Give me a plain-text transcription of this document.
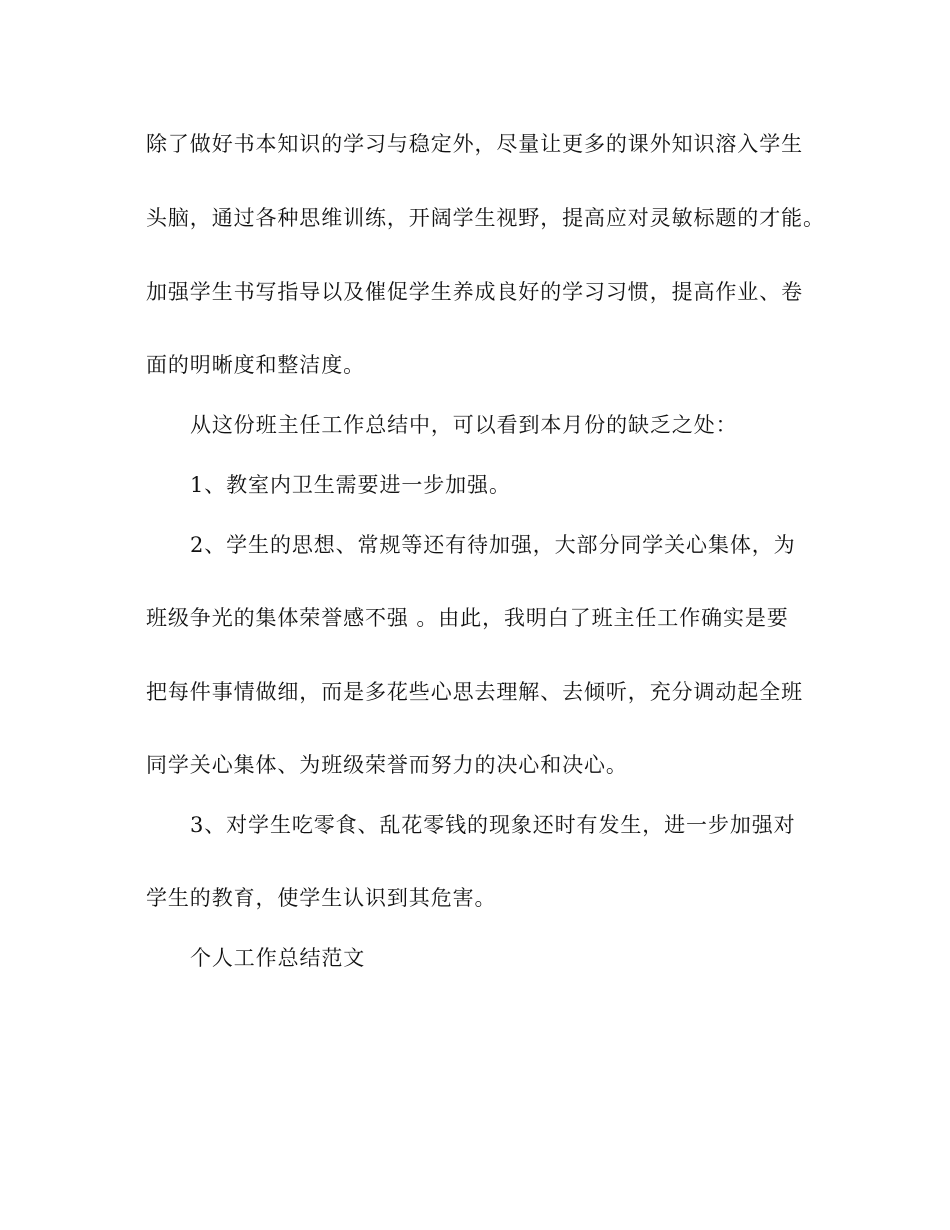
除了做好书本知识的学习与稳定外，尽量让更多的课外知识溶入学生
头脑，通过各种思维训练，开阔学生视野，提高应对灵敏标题的才能。
加强学生书写指导以及催促学生养成良好的学习习惯，提高作业、卷
面的明晰度和整洁度。
从这份班主任工作总结中，可以看到本月份的缺乏之处：
1、教室内卫生需要进一步加强。
2、学生的思想、常规等还有待加强，大部分同学关心集体，为
班级争光的集体荣誉感不强 。由此，我明白了班主任工作确实是要
把每件事情做细，而是多花些心思去理解、去倾听，充分调动起全班
同学关心集体、为班级荣誉而努力的决心和决心。
3、对学生吃零食、乱花零钱的现象还时有发生，进一步加强对
学生的教育，使学生认识到其危害。
个人工作总结范文
